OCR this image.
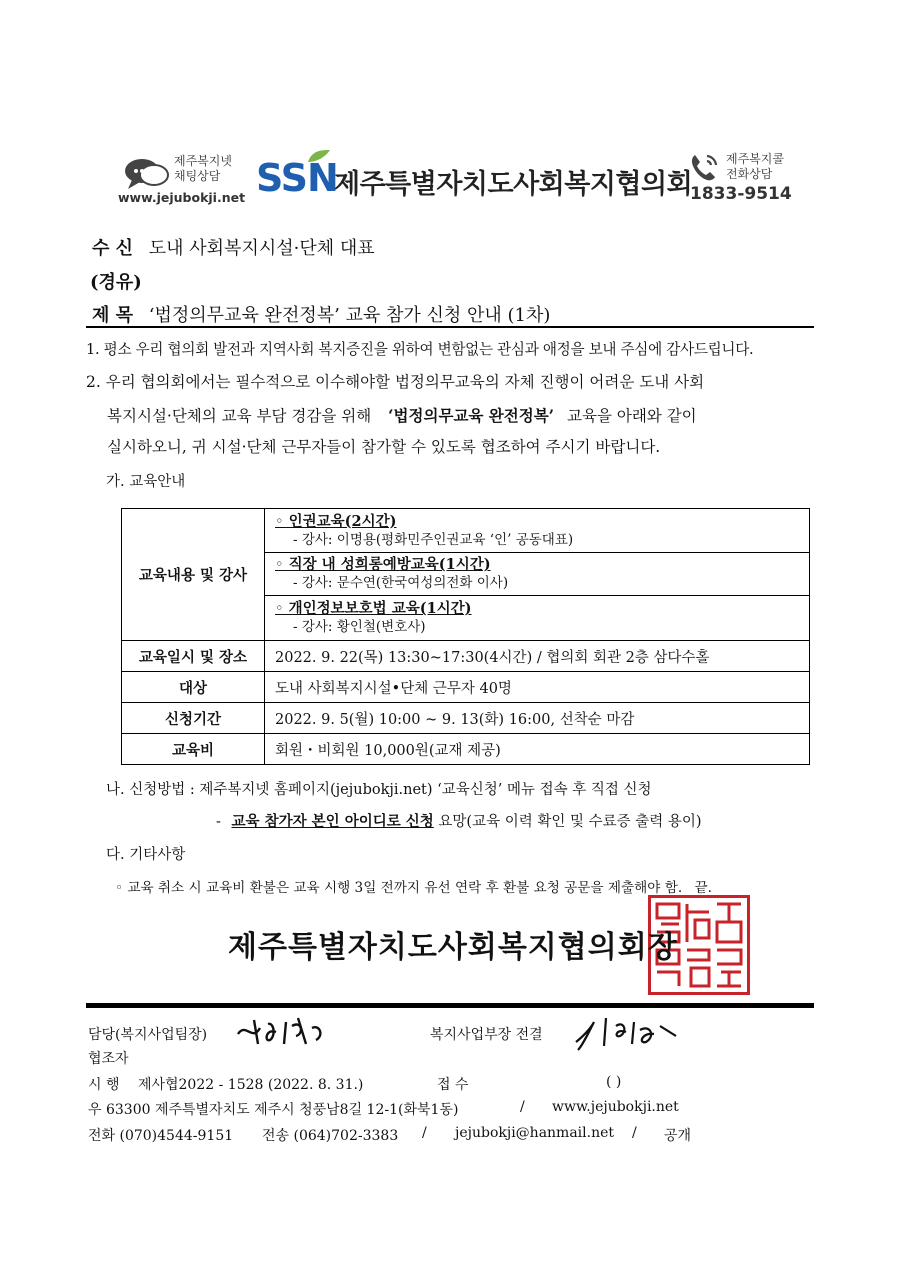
제주복지넷
채팅상담
www.jejubokji.net SSN
제주특별자치도사회복지협의회
제주복지콜
전화상담
1833-9514
수 신 도내 사회복지시설·단체 대표
(경유)
제 목 ‘법정의무교육 완전정복’ 교육 참가 신청 안내 (1차)
1. 평소 우리 협의회 발전과 지역사회 복지증진을 위하여 변함없는 관심과 애정을 보내 주심에 감사드립니다.
2. 우리 협의회에서는 필수적으로 이수해야할 법정의무교육의 자체 진행이 어려운 도내 사회
복지시설·단체의 교육 부담 경감을 위해 ‘법정의무교육 완전정복’ 교육을 아래와 같이
실시하오니, 귀 시설·단체 근무자들이 참가할 수 있도록 협조하여 주시기 바랍니다.
가. 교육안내
교육내용 및 강사	◦ 인권교육(2시간)
- 강사: 이명용(평화민주인권교육 ‘인’ 공동대표)

	◦ 직장 내 성희롱예방교육(1시간)
- 강사: 문수연(한국여성의전화 이사)

	◦ 개인정보보호법 교육(1시간)
- 강사: 황인철(변호사)

교육일시 및 장소	2022. 9. 22(목) 13:30~17:30(4시간) / 협의회 회관 2층 삼다수홀
대상	도내 사회복지시설•단체 근무자 40명
신청기간	2022. 9. 5(월) 10:00 ~ 9. 13(화) 16:00, 선착순 마감
교육비	회원・비회원 10,000원(교재 제공)
나. 신청방법 : 제주복지넷 홈페이지(jejubokji.net) ‘교육신청’ 메뉴 접속 후 직접 신청
- 교육 참가자 본인 아이디로 신청 요망(교육 이력 확인 및 수료증 출력 용이)
다. 기타사항
◦ 교육 취소 시 교육비 환불은 교육 시행 3일 전까지 유선 연락 후 환불 요청 공문을 제출해야 함. 끝.
제주특별자치도사회복지협의회장
담당(복지사업팀장)	복지사업부장 전결
협조자
시 행 제사협2022 - 1528 (2022. 8. 31.)	접 수	( )
우 63300 제주특별자치도 제주시 청풍남8길 12-1(화북1동)	/ www.jejubokji.net
전화 (070)4544-9151 전송 (064)702-3383 / jejubokji@hanmail.net / 공개
